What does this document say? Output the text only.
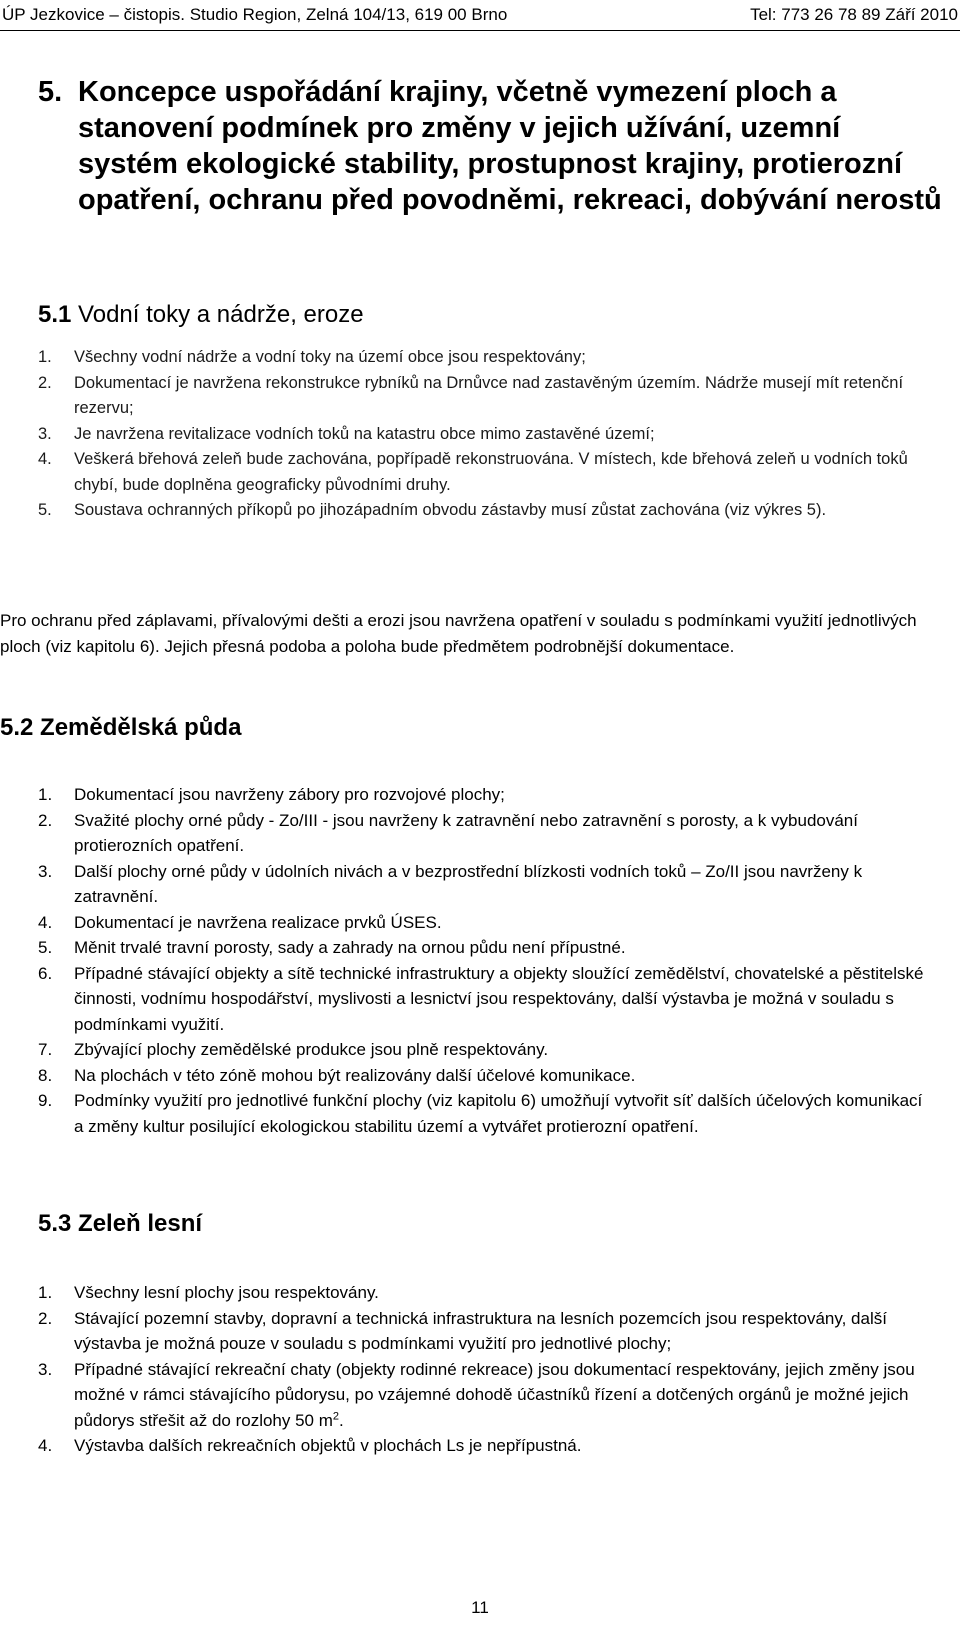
ÚP Jezkovice – čistopis. Studio Region, Zelná 104/13, 619 00 Brno	Tel: 773 26 78 89 Září 2010
5. Koncepce uspořádání krajiny, včetně vymezení ploch a stanovení podmínek pro změny v jejich užívání, uzemní systém ekologické stability, prostupnost krajiny, protierozní opatření, ochranu před povodněmi, rekreaci, dobývání nerostů
5.1 Vodní toky a nádrže, eroze
1. Všechny vodní nádrže a vodní toky na území obce jsou respektovány;
2. Dokumentací je navržena rekonstrukce rybníků na Drnůvce nad zastavěným územím. Nádrže musejí mít retenční rezervu;
3. Je navržena revitalizace vodních toků na katastru obce mimo zastavěné území;
4. Veškerá břehová zeleň bude zachována, popřípadě rekonstruována. V místech, kde břehová zeleň u vodních toků chybí, bude doplněna geograficky původními druhy.
5. Soustava ochranných příkopů po jihozápadním obvodu zástavby musí zůstat zachována (viz výkres 5).

Pro ochranu před záplavami, přívalovými dešti a erozi jsou navržena opatření v souladu s podmínkami využití jednotlivých ploch (viz kapitolu 6). Jejich přesná podoba a poloha bude předmětem podrobnější dokumentace.

5.2 Zemědělská půda
1. Dokumentací jsou navrženy zábory pro rozvojové plochy;
2. Svažité plochy orné půdy - Zo/III - jsou navrženy k zatravnění nebo zatravnění s porosty, a k vybudování protierozních opatření.
3. Další plochy orné půdy v údolních nivách a v bezprostřední blízkosti vodních toků – Zo/II jsou navrženy k zatravnění.
4. Dokumentací je navržena realizace prvků ÚSES.
5. Měnit trvalé travní porosty, sady a zahrady na ornou půdu není přípustné.
6. Případné stávající objekty a sítě technické infrastruktury a objekty sloužící zemědělství, chovatelské a pěstitelské činnosti, vodnímu hospodářství, myslivosti a lesnictví jsou respektovány, další výstavba je možná v souladu s podmínkami využití.
7. Zbývající plochy zemědělské produkce jsou plně respektovány.
8. Na plochách v této zóně mohou být realizovány další účelové komunikace.
9. Podmínky využití pro jednotlivé funkční plochy (viz kapitolu 6) umožňují vytvořit síť dalších účelových komunikací a změny kultur posilující ekologickou stabilitu území a vytvářet protierozní opatření.
5.3 Zeleň lesní
1. Všechny lesní plochy jsou respektovány.
2. Stávající pozemní stavby, dopravní a technická infrastruktura na lesních pozemcích jsou respektovány, další výstavba je možná pouze v souladu s podmínkami využití pro jednotlivé plochy;
3. Případné stávající rekreační chaty (objekty rodinné rekreace) jsou dokumentací respektovány, jejich změny jsou možné v rámci stávajícího půdorysu, po vzájemné dohodě účastníků řízení a dotčených orgánů je možné jejich půdorys střešit až do rozlohy 50 $m^2$.
4. Výstavba dalších rekreačních objektů v plochách Ls je nepřípustná.
11
